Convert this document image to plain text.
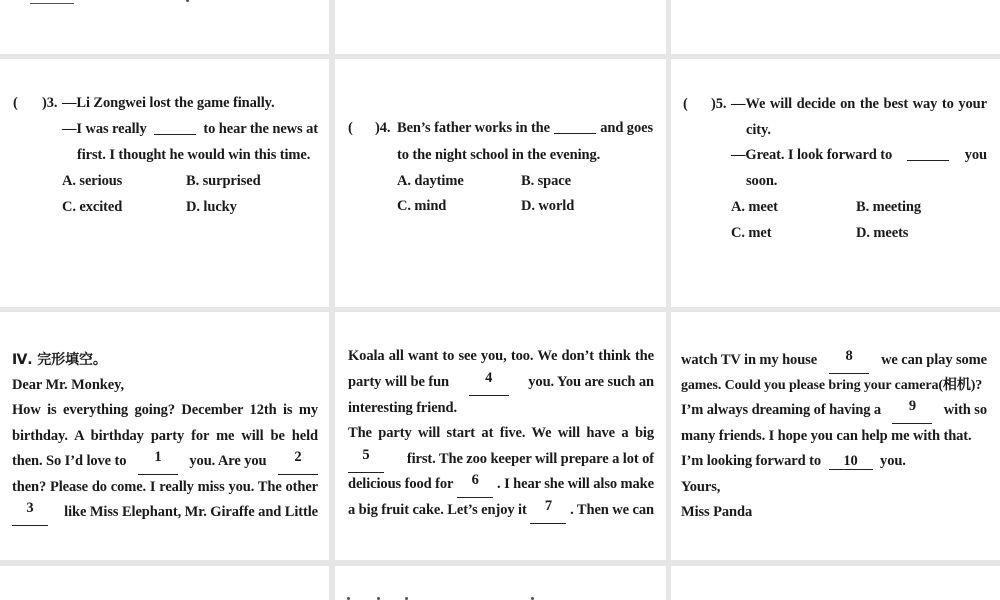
( )3. —Li Zongwei lost the game finally.
—I was really	to hear the news at
first. I thought he would win this time.
A. serious	B. surprised
C. excited	D. lucky
( )4. Ben’s father works in the	and goes
to the night school in the evening.
A. daytime	B. space
C. mind	D. world
( )5. —We will decide on the best way to your
city.
—Great. I look forward to	you
soon.
A. meet	B. meeting
C. met	D. meets
Ⅳ. 完形填空。
Dear Mr. Monkey,
How is everything going? December 12th is my
birthday. A birthday party for me will be held
then. So I’d love to	1	you. Are you	2
then? Please do come. I really miss you. The other
3	like Miss Elephant, Mr. Giraffe and Little
Koala all want to see you, too. We don’t think the
party will be fun	4	you. You are such an
interesting friend.
The party will start at five. We will have a big
5	first. The zoo keeper will prepare a lot of
delicious food for	6	. I hear she will also make
a big fruit cake. Let’s enjoy it	7	. Then we can
watch TV in my house	8	we can play some
games. Could you please bring your camera(相机)?
I’m always dreaming of having a	9	with so
many friends. I hope you can help me with that.
I’m looking forward to 10 you.
Yours,
Miss Panda
